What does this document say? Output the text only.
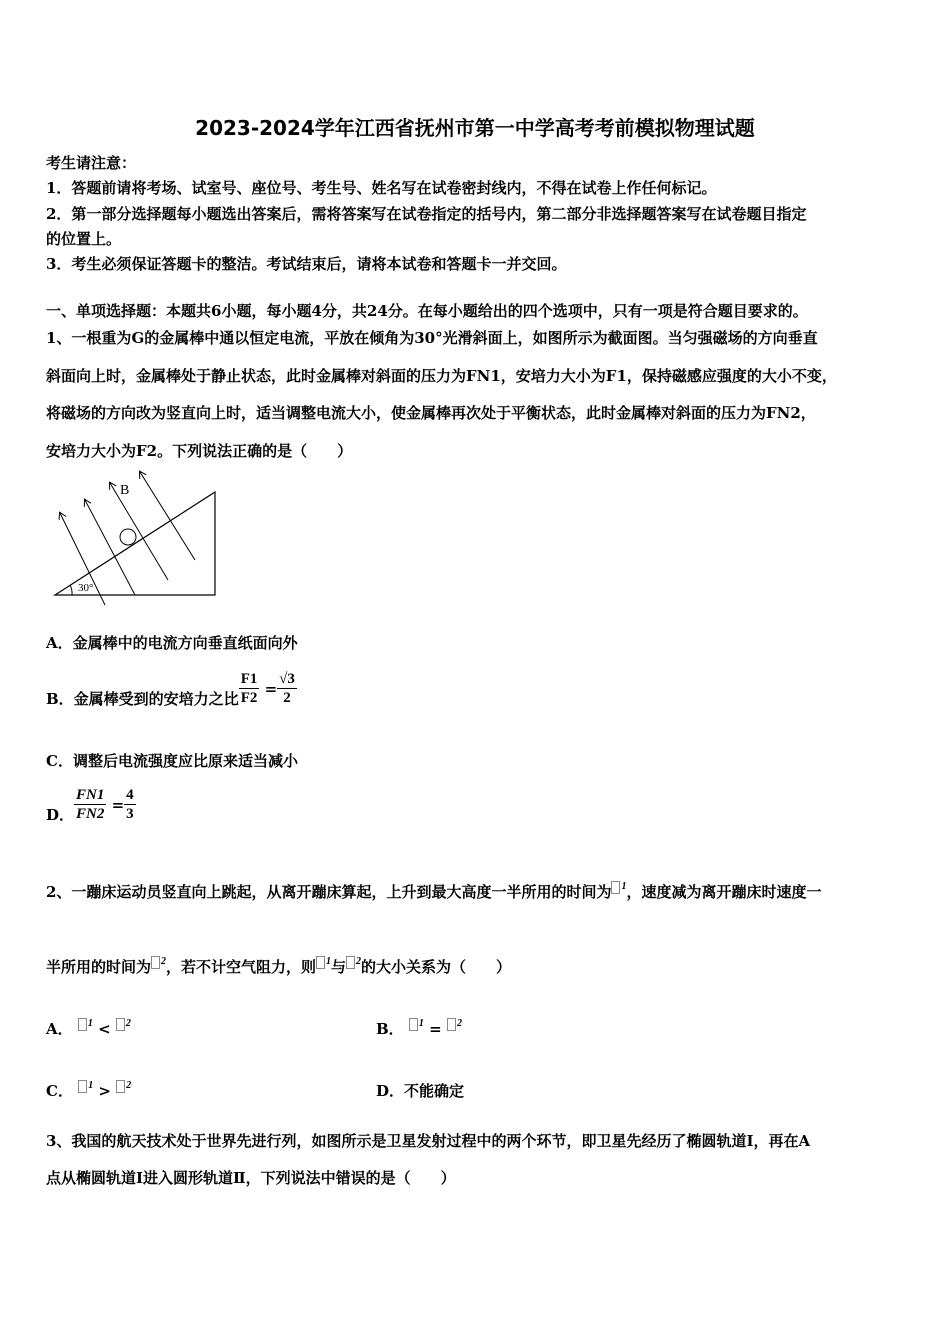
2023-2024学年江西省抚州市第一中学高考考前模拟物理试题
考生请注意：
1．答题前请将考场、试室号、座位号、考生号、姓名写在试卷密封线内，不得在试卷上作任何标记。
2．第一部分选择题每小题选出答案后，需将答案写在试卷指定的括号内，第二部分非选择题答案写在试卷题目指定
的位置上。
3．考生必须保证答题卡的整洁。考试结束后，请将本试卷和答题卡一并交回。
一、单项选择题：本题共6小题，每小题4分，共24分。在每小题给出的四个选项中，只有一项是符合题目要求的。
1、一根重为G的金属棒中通以恒定电流，平放在倾角为30°光滑斜面上，如图所示为截面图。当匀强磁场的方向垂直
斜面向上时，金属棒处于静止状态，此时金属棒对斜面的压力为FN1，安培力大小为F1，保持磁感应强度的大小不变，
将磁场的方向改为竖直向上时，适当调整电流大小，使金属棒再次处于平衡状态，此时金属棒对斜面的压力为FN2，
安培力大小为F2。下列说法正确的是（　　）
B
30°
A．金属棒中的电流方向垂直纸面向外
B．金属棒受到的安培力之比 $\frac{F1}{F2} = \frac{√3}{2}$
C．调整后电流强度应比原来适当减小
D． $\frac{FN1}{FN2} = \frac{4}{3}$
2、一蹦床运动员竖直向上跳起，从离开蹦床算起，上升到最大高度一半所用的时间为 $^1$，速度减为离开蹦床时速度一
半所用的时间为 $^2$，若不计空气阻力，则 $^1$与 $^2$的大小关系为（　　）
A． $^1$ < $^2$	B． $^1$ = $^2$
C． $^1$ > $^2$	D．不能确定
3、我国的航天技术处于世界先进行列，如图所示是卫星发射过程中的两个环节，即卫星先经历了椭圆轨道Ⅰ，再在A
点从椭圆轨道Ⅰ进入圆形轨道Ⅱ，下列说法中错误的是（　　）
